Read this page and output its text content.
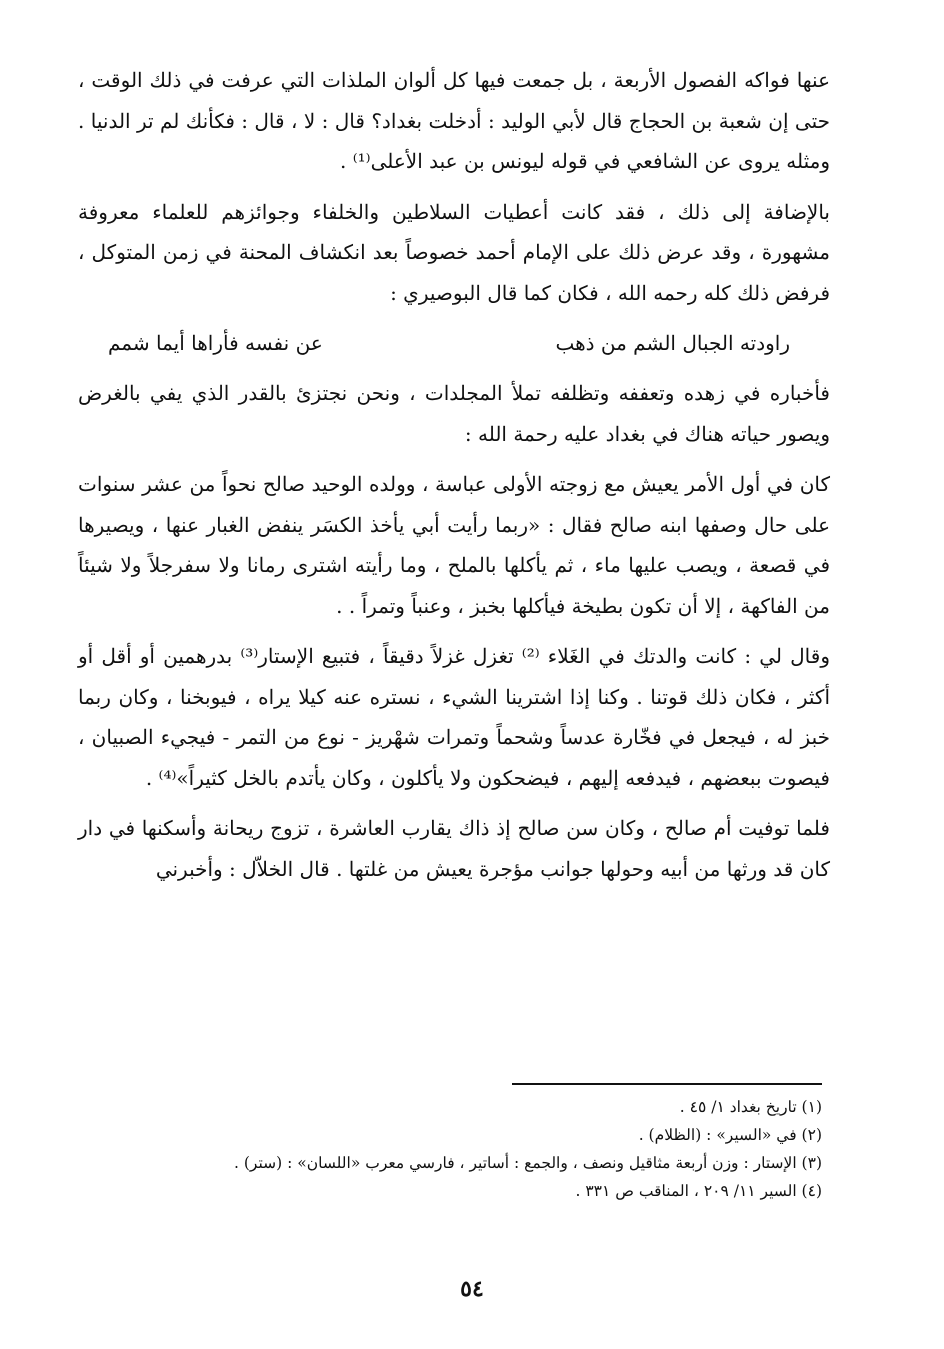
عنها فواكه الفصول الأربعة ، بل جمعت فيها كل ألوان الملذات التي عرفت في ذلك الوقت ، حتى إن شعبة بن الحجاج قال لأبي الوليد : أدخلت بغداد؟ قال : لا ، قال : فكأنك لم تر الدنيا . ومثله يروى عن الشافعي في قوله ليونس بن عبد الأعلى⁽¹⁾ .

بالإضافة إلى ذلك ، فقد كانت أعطيات السلاطين والخلفاء وجوائزهم للعلماء معروفة مشهورة ، وقد عرض ذلك على الإمام أحمد خصوصاً بعد انكشاف المحنة في زمن المتوكل ، فرفض ذلك كله رحمه الله ، فكان كما قال البوصيري :

راودته الجبال الشم من ذهب
عن نفسه فأراها أيما شمم

فأخباره في زهده وتعففه وتظلفه تملأ المجلدات ، ونحن نجتزئ بالقدر الذي يفي بالغرض ويصور حياته هناك في بغداد عليه رحمة الله :

كان في أول الأمر يعيش مع زوجته الأولى عباسة ، وولده الوحيد صالح نحواً من عشر سنوات على حال وصفها ابنه صالح فقال : «ربما رأيت أبي يأخذ الكسَر ينفض الغبار عنها ، ويصيرها في قصعة ، ويصب عليها ماء ، ثم يأكلها بالملح ، وما رأيته اشترى رمانا ولا سفرجلاً ولا شيئاً من الفاكهة ، إلا أن تكون بطيخة فيأكلها بخبز ، وعنباً وتمراً . .

وقال لي : كانت والدتك في الغَلاء ⁽²⁾ تغزل غزلاً دقيقاً ، فتبيع الإستار⁽³⁾ بدرهمين أو أقل أو أكثر ، فكان ذلك قوتنا . وكنا إذا اشترينا الشيء ، نستره عنه كيلا يراه ، فيوبخنا ، وكان ربما خبز له ، فيجعل في فخّارة عدساً وشحماً وتمرات شهْريز - نوع من التمر - فيجيء الصبيان ، فيصوت ببعضهم ، فيدفعه إليهم ، فيضحكون ولا يأكلون ، وكان يأتدم بالخل كثيراً»⁽⁴⁾ .

فلما توفيت أم صالح ، وكان سن صالح إذ ذاك يقارب العاشرة ، تزوج ريحانة وأسكنها في دار كان قد ورثها من أبيه وحولها جوانب مؤجرة يعيش من غلتها . قال الخلاّل : وأخبرني

(١) تاريخ بغداد ١/ ٤٥ .

(٢) في «السير» : (الظلام) .

(٣) الإستار : وزن أربعة مثاقيل ونصف ، والجمع : أساتير ، فارسي معرب «اللسان» : (ستر) .

(٤) السير ١١/ ٢٠٩ ، المناقب ص ٣٣١ .

٥٤
